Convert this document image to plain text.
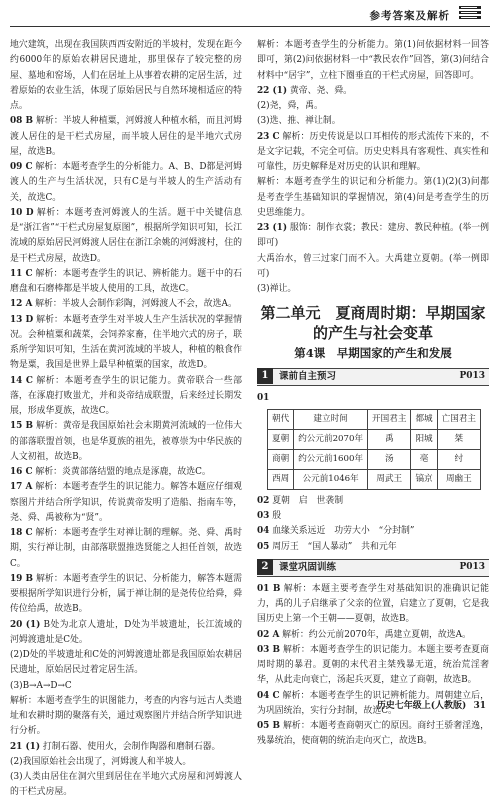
参考答案及解析

地穴建筑，出现在我国陕西西安附近的半坡村，发现在距今约6000年的原始农耕居民遗址，那里保存了较完整的房屋、墓地和窑场，人们在居址上从事着农耕的定居生活，过着原始的农业生活，体现了原始居民与自然环境相适应的特点。

08 B 解析：半坡人种植粟，河姆渡人种植水稻，而且河姆渡人居住的是干栏式房屋，而半坡人居住的是半地穴式房屋，故选B。

09 C 解析：本题考查学生的分析能力。A、B、D都是河姆渡人的生产与生活状况，只有C是与半坡人的生产活动有关，故选C。

10 D 解析：本题考查河姆渡人的生活。题干中关键信息是“浙江省”“干栏式房屋复原图”，根据所学知识可知，长江流域的原始居民河姆渡人居住在浙江余姚的河姆渡村，住的是干栏式房屋，故选D。

11 C 解析：本题考查学生的识记、辨析能力。题干中的石磨盘和石磨棒都是半坡人使用的工具，故选C。

12 A 解析：半坡人会制作彩陶，河姆渡人不会，故选A。

13 D 解析：本题考查学生对半坡人生产生活状况的掌握情况。会种植粟和蔬菜，会饲养家畜，住半地穴式的房子，联系所学知识可知，生活在黄河流域的半坡人，种植的粮食作物是粟，我国是世界上最早种植粟的国家，故选D。

14 C 解析：本题考查学生的识记能力。黄帝联合一些部落，在涿鹿打败蚩尤，并和炎帝结成联盟，后来经过长期发展，形成华夏族，故选C。

15 B 解析：黄帝是我国原始社会末期黄河流域的一位伟大的部落联盟首领，也是华夏族的祖先，被尊崇为中华民族的人文初祖，故选B。

16 C 解析：炎黄部落结盟的地点是涿鹿，故选C。

17 A 解析：本题考查学生的识记能力。解答本题应仔细观察图片并结合所学知识，传说黄帝发明了造船、指南车等，尧、舜、禹被称为“贤”。

18 C 解析：本题考查学生对禅让制的理解。尧、舜、禹时期，实行禅让制，由部落联盟推选贤能之人担任首领，故选C。

19 B 解析：本题考查学生的识记、分析能力，解答本题需要根据所学知识进行分析，属于禅让制的是尧传位给舜，舜传位给禹，故选B。

20 (1) B处为北京人遗址，D处为半坡遗址，长江流域的河姆渡遗址是C处。

(2)D处的半坡遗址和C处的河姆渡遗址都是我国原始农耕居民遗址，原始居民过着定居生活。

(3)B→A→D→C

解析：本题考查学生的识图能力，考查的内容与远古人类遗址和农耕时期的聚落有关，通过观察图片并结合所学知识进行分析。

21 (1) 打制石器、使用火，会制作陶器和磨制石器。

(2)我国原始社会出现了，河姆渡人和半坡人。

(3)人类由居住在洞穴里到居住在半地穴式房屋和河姆渡人的干栏式房屋。

解析：本题考查学生的分析能力。第(1)问依据材料一回答即可，第(2)问依据材料一中“教民农作”回答，第(3)问结合材料中“居宇”，立柱下圈垂直的干栏式房屋，回答即可。

22 (1) 黄帝、尧、舜。

(2)尧，舜，禹。

(3)选、推、禅让制。

23 C 解析：历史传说是以口耳相传的形式流传下来的，不是文字记载，不完全可信。历史史料具有客观性、真实性和可靠性，历史解释是对历史的认识和理解。

解析：本题考查学生的识记和分析能力。第(1)(2)(3)问都是考查学生基础知识的掌握情况，第(4)问是考查学生的历史思维能力。

23 (1) 服饰：制作衣裳；教民：建房、教民种植。(举一例即可)

大禹治水，曾三过家门而不入。大禹建立夏朝。(举一例即可)

(3)禅让。

第二单元　夏商周时期：早期国家
的产生与社会变革
第4课　早期国家的产生和发展
1	课前自主预习	P013
01
朝代	建立时间	开国君主	都城	亡国君主
夏朝	约公元前2070年	禹	阳城	桀
商朝	约公元前1600年	汤	亳	纣
西周	公元前1046年	周武王	镐京	周幽王

02 夏朝　启　世袭制

03 殷

04 血缘关系远近　功劳大小　“分封制”

05 周厉王　“国人暴动”　共和元年

2	课堂巩固训练	P013

01 B 解析：本题主要考查学生对基础知识的准确识记能力，禹的儿子启继承了父亲的位置，启建立了夏朝，它是我国历史上第一个王朝——夏朝，故选B。

02 A 解析：约公元前2070年，禹建立夏朝，故选A。

03 B 解析：本题考查学生的识记能力。本题主要考查夏商周时期的暴君。夏朝的末代君主桀残暴无道，统治荒淫奢华，从此走向衰亡，汤起兵灭夏，建立了商朝，故选B。

04 C 解析：本题考查学生的识记辨析能力。周朝建立后，为巩固统治，实行分封制，故选C。

05 B 解析：本题考查商朝灭亡的原因。商纣王骄奢淫逸，残暴统治，使商朝的统治走向灭亡，故选B。

历史七年级上(人教版) 31
